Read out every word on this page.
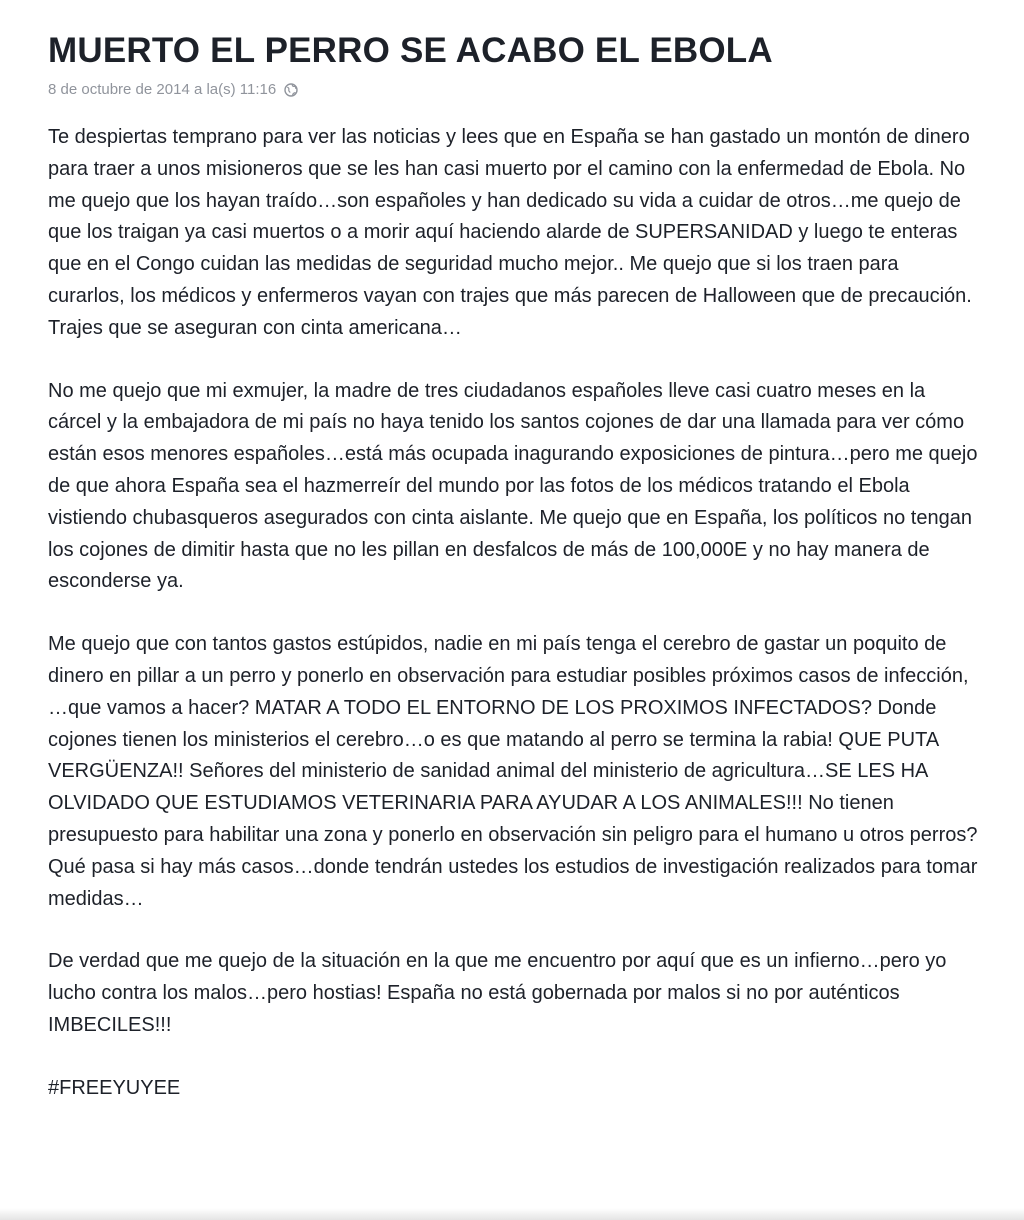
MUERTO EL PERRO SE ACABO EL EBOLA
8 de octubre de 2014 a la(s) 11:16

Te despiertas temprano para ver las noticias y lees que en España se han gastado un montón de dinero para traer a unos misioneros que se les han casi muerto por el camino con la enfermedad de Ebola. No me quejo que los hayan traído…son españoles y han dedicado su vida a cuidar de otros…me quejo de que los traigan ya casi muertos o a morir aquí haciendo alarde de SUPERSANIDAD y luego te enteras que en el Congo cuidan las medidas de seguridad mucho mejor.. Me quejo que si los traen para curarlos, los médicos y enfermeros vayan con trajes que más parecen de Halloween que de precaución. Trajes que se aseguran con cinta americana…

No me quejo que mi exmujer, la madre de tres ciudadanos españoles lleve casi cuatro meses en la cárcel y la embajadora de mi país no haya tenido los santos cojones de dar una llamada para ver cómo están esos menores españoles…está más ocupada inagurando exposiciones de pintura…pero me quejo de que ahora España sea el hazmerreír del mundo por las fotos de los médicos tratando el Ebola vistiendo chubasqueros asegurados con cinta aislante. Me quejo que en España, los políticos no tengan los cojones de dimitir hasta que no les pillan en desfalcos de más de 100,000E y no hay manera de esconderse ya.

Me quejo que con tantos gastos estúpidos, nadie en mi país tenga el cerebro de gastar un poquito de dinero en pillar a un perro y ponerlo en observación para estudiar posibles próximos casos de infección, …que vamos a hacer? MATAR A TODO EL ENTORNO DE LOS PROXIMOS INFECTADOS? Donde cojones tienen los ministerios el cerebro…o es que matando al perro se termina la rabia! QUE PUTA VERGÜENZA!! Señores del ministerio de sanidad animal del ministerio de agricultura…SE LES HA OLVIDADO QUE ESTUDIAMOS VETERINARIA PARA AYUDAR A LOS ANIMALES!!! No tienen presupuesto para habilitar una zona y ponerlo en observación sin peligro para el humano u otros perros? Qué pasa si hay más casos…donde tendrán ustedes los estudios de investigación realizados para tomar medidas…

De verdad que me quejo de la situación en la que me encuentro por aquí que es un infierno…pero yo lucho contra los malos…pero hostias! España no está gobernada por malos si no por auténticos IMBECILES!!!

#FREEYUYEE
